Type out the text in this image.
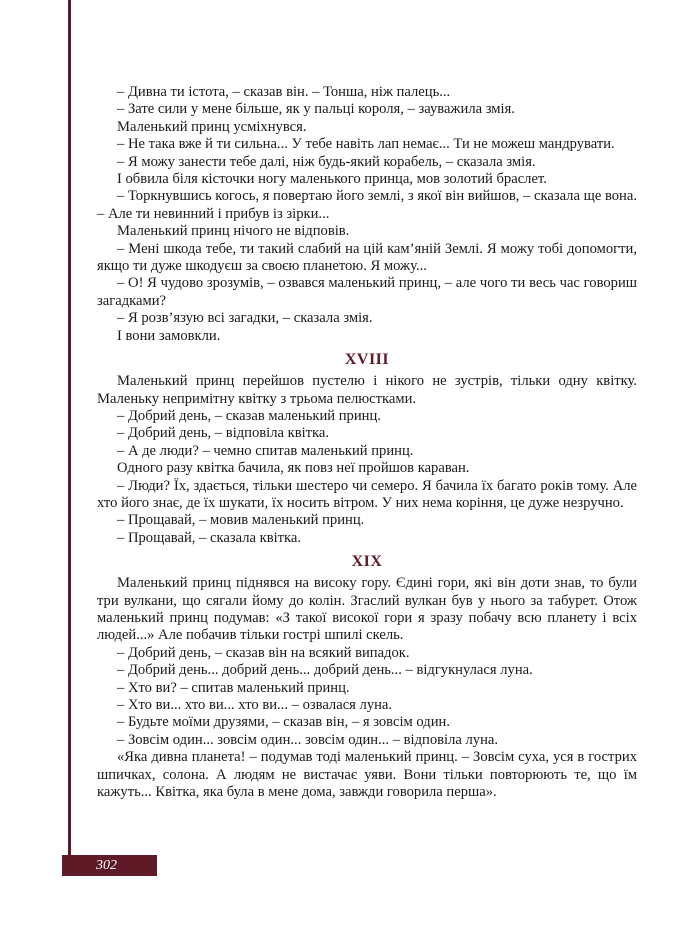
– Дивна ти істота, – сказав він. – Тонша, ніж палець...

– Зате сили у мене більше, як у пальці короля, – зауважила змія.

Маленький принц усміхнувся.

– Не така вже й ти сильна... У тебе навіть лап немає... Ти не можеш мандрувати.

– Я можу занести тебе далі, ніж будь-який корабель, – сказала змія.

І обвила біля кісточки ногу маленького принца, мов золотий браслет.

– Торкнувшись когось, я повертаю його землі, з якої він вийшов, – сказала ще вона. – Але ти невинний і прибув із зірки...

Маленький принц нічого не відповів.

– Мені шкода тебе, ти такий слабий на цій кам’яній Землі. Я можу тобі допомогти, якщо ти дуже шкодуєш за своєю планетою. Я можу...

– О! Я чудово зрозумів, – озвався маленький принц, – але чого ти весь час говориш загадками?

– Я розв’язую всі загадки, – сказала змія.

І вони замовкли.

XVIII

Маленький принц перейшов пустелю і нікого не зустрів, тільки одну квітку. Маленьку непримітну квітку з трьома пелюстками.

– Добрий день, – сказав маленький принц.

– Добрий день, – відповіла квітка.

– А де люди? – чемно спитав маленький принц.

Одного разу квітка бачила, як повз неї пройшов караван.

– Люди? Їх, здається, тільки шестеро чи семеро. Я бачила їх багато років тому. Але хто його знає, де їх шукати, їх носить вітром. У них нема коріння, це дуже незручно.

– Прощавай, – мовив маленький принц.

– Прощавай, – сказала квітка.

XIX

Маленький принц піднявся на високу гору. Єдині гори, які він доти знав, то були три вулкани, що сягали йому до колін. Згаслий вулкан був у нього за табурет. Отож маленький принц подумав: «З такої високої гори я зразу побачу всю планету і всіх людей...» Але побачив тільки гострі шпилі скель.

– Добрий день, – сказав він на всякий випадок.

– Добрий день... добрий день... добрий день... – відгукнулася луна.

– Хто ви? – спитав маленький принц.

– Хто ви... хто ви... хто ви... – озвалася луна.

– Будьте моїми друзями, – сказав він, – я зовсім один.

– Зовсім один... зовсім один... зовсім один... – відповіла луна.

«Яка дивна планета! – подумав тоді маленький принц. – Зовсім суха, уся в гострих шпичках, солона. А людям не вистачає уяви. Вони тільки повторюють те, що їм кажуть... Квітка, яка була в мене дома, завжди говорила перша».

302
